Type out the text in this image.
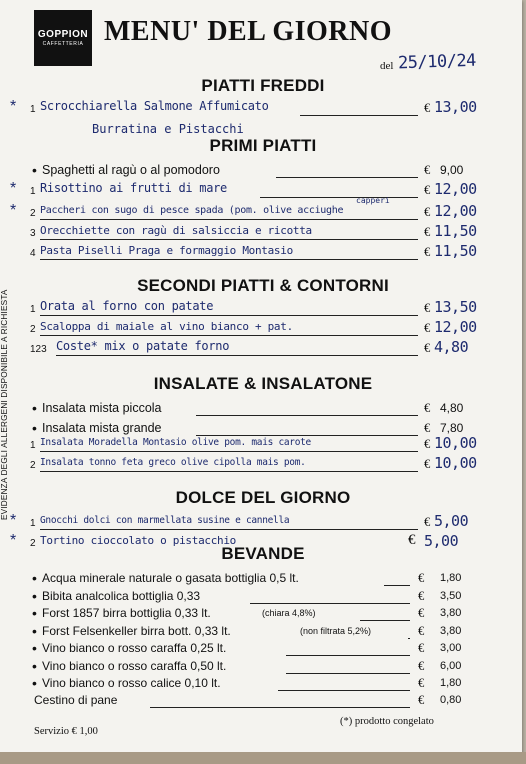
GOPPION
CAFFETTERIA MENU' DEL GIORNO
del 25/10/24
EVIDENZA DEGLI ALLERGENI DISPONIBILE A RICHIESTA
PIATTI FREDDI
* 1 Scrocchiarella Salmone Affumicato	€ 13,00
Burratina e Pistacchi
PRIMI PIATTI
• Spaghetti al ragù o al pomodoro	€ 9,00
* 1 Risottino ai frutti di mare	€ 12,00
capperi
* 2 Paccheri con sugo di pesce spada (pom. olive acciughe	€ 12,00
3 Orecchiette con ragù di salsiccia e ricotta	€ 11,50
4 Pasta Piselli Praga e formaggio Montasio	€ 11,50
SECONDI PIATTI & CONTORNI
1 Orata al forno con patate	€ 13,50
2 Scaloppa di maiale al vino bianco + pat.	€ 12,00
123 Coste* mix o patate forno	€ 4,80
INSALATE & INSALATONE
• Insalata mista piccola	€ 4,80
• Insalata mista grande	€ 7,80
1 Insalata Moradella Montasio olive pom. mais carote	€ 10,00
2 Insalata tonno feta greco olive cipolla mais pom.	€ 10,00
DOLCE DEL GIORNO
* 1 Gnocchi dolci con marmellata susine e cannella	€ 5,00
* 2 Tortino cioccolato o pistacchio	€ 5,00
BEVANDE
• Acqua minerale naturale o gasata bottiglia 0,5 lt.	€ 1,80
• Bibita analcolica bottiglia 0,33	€ 3,50
• Forst 1857 birra bottiglia 0,33 lt.	(chiara 4,8%)	€ 3,80
• Forst Felsenkeller birra bott. 0,33 lt.	(non filtrata 5,2%)	€ 3,80
• Vino bianco o rosso caraffa 0,25 lt.	€ 3,00
• Vino bianco o rosso caraffa 0,50 lt.	€ 6,00
• Vino bianco o rosso calice 0,10 lt.	€ 1,80
Cestino di pane	€ 0,80
(*) prodotto congelato
Servizio € 1,00
